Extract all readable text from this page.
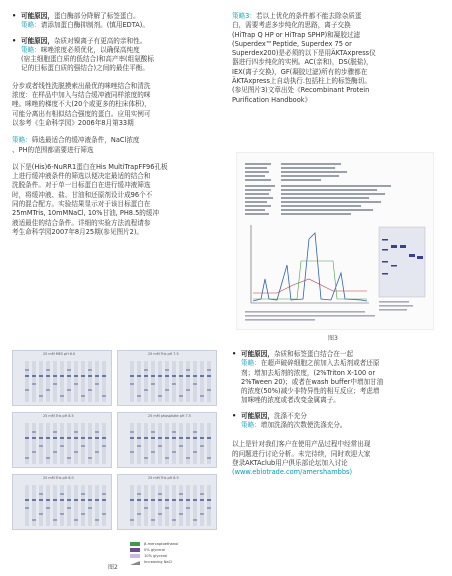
• 可能原因，蛋白酶部分降解了标签蛋白。

策略：请添加蛋白酶抑制剂。(慎用EDTA)。

• 可能原因，杂质对镍离子有更高的亲和性。

策略：咪唑浓度必须优化，以确保高纯度
(宿主细胞蛋白质的低结合)和高产率(组氨酸标
记的目标蛋白质的强结合)之间的最佳平衡。

分步或者线性洗脱摸索出最优的咪唑结合和清洗
浓度：在样品中加入与结合缓冲液同样浓度的咪
唑。咪唑的梯度不大(20个或更多的柱床体积)，
可能分离出有相似结合强度的蛋白。应用实例可
以参考《生命科学园》2006年8月第33期

策略：筛选最适合的缓冲液条件，NaCl浓度
、PH的范围都需要进行筛选

以下是(His)6-NuRR1蛋白在His MultiTrapFF96孔板
上进行缓冲液条件的筛选以便决定最适的结合和
洗脱条件。对于单一目标蛋白在进行缓冲液筛选
时，将缓冲液、盐、甘油和还原剂设计成96个不
同的混合配方。实验结果显示对于该目标蛋白在
25mMTris, 10mMNaCl, 10%甘油, PH8.5的缓冲
液适最佳的结合条件。详细的实验方法流程请参
考生命科学园2007年8月25期(参见图片2)。

25 mM MES pH 6.0	25 mM Tris pH 7.5
25 mM Tris pH 8.5	25 mM phosphate pH 7.5
25 mM Tris pH 6.0	25 mM Tris pH 8.5
β-mercaptoethanol
0% glycerol
10% glycerol
Increasing NaCl
图2

策略3：若以上优化的条件都不能去除杂质蛋
白，需要考虑多步纯化的思路，离子交换
(HiTrap Q HP or HiTrap SPHP)和凝胶过滤
(Superdex™Peptide, Superdex 75 or
Superdex200)是必须的以下是用ÄKTAxpress仪
器进行四步纯化的实例。AC(亲和)，DS(脱盐)，
IEX(离子交换)，GF(凝胶过滤)所有的步骤都在
ÄKTAxpress上自动执行.包括柱上的标签酶切。
(参见图片3)文章出处《Recombinant Protein
Purification Handbook》

图3

• 可能原因，杂质和标签蛋白结合在一起

策略：在超声破碎细胞之前加入去垢剂或者还原
剂；增加去垢剂的浓度，(2%Triton X-100 or
2%Tween 20)；或者在wash buffer中增加甘油
的浓度(50%)减少非特异性的相互反应；考虑增
加咪唑的浓度或者改变金属离子。

• 可能原因，洗涤不充分

策略：增加洗涤的次数使洗涤充分。

以上是针对我们客户在使用产品过程中经常出现
的问题进行讨论分析。未完待续，同时欢迎大家
登录AKTAclub用户俱乐部论坛加入讨论
(www.ebiotrade.com/amershambbs)
